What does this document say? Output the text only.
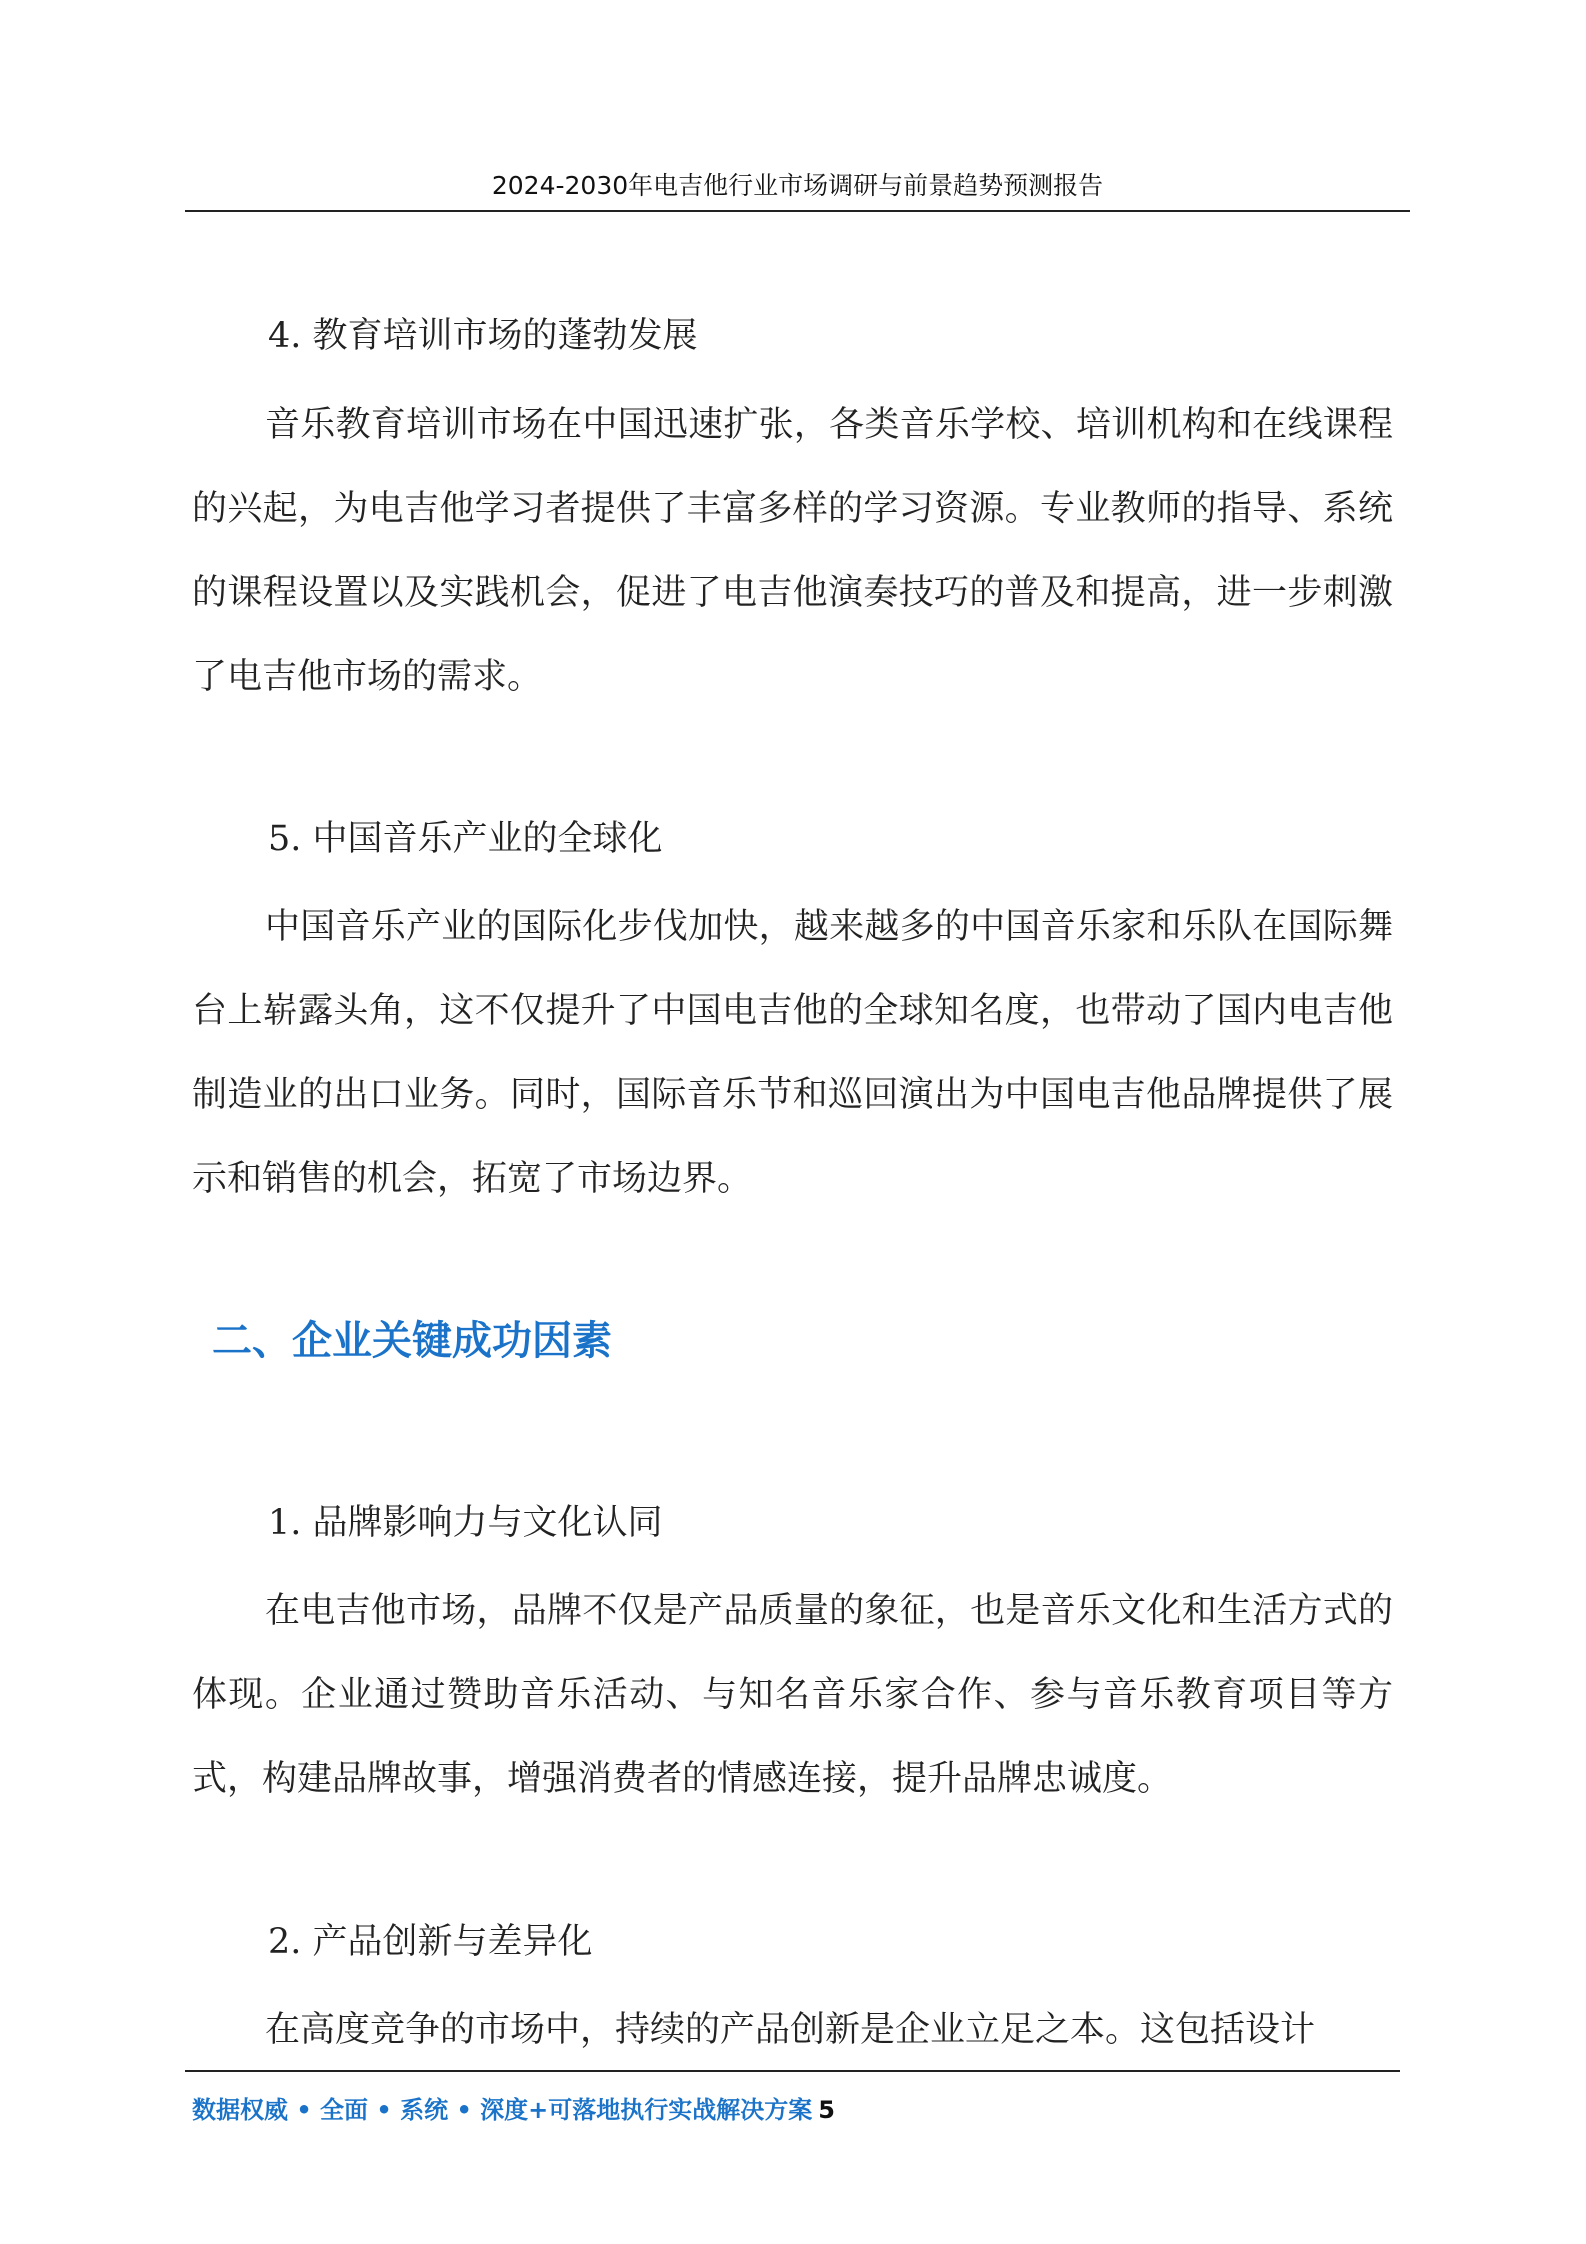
2024-2030年电吉他行业市场调研与前景趋势预测报告
4. 教育培训市场的蓬勃发展

音乐教育培训市场在中国迅速扩张，各类音乐学校、培训机构和在线课程的兴起，为电吉他学习者提供了丰富多样的学习资源。专业教师的指导、系统的课程设置以及实践机会，促进了电吉他演奏技巧的普及和提高，进一步刺激了电吉他市场的需求。

5. 中国音乐产业的全球化

中国音乐产业的国际化步伐加快，越来越多的中国音乐家和乐队在国际舞台上崭露头角，这不仅提升了中国电吉他的全球知名度，也带动了国内电吉他制造业的出口业务。同时，国际音乐节和巡回演出为中国电吉他品牌提供了展示和销售的机会，拓宽了市场边界。

二、企业关键成功因素
1. 品牌影响力与文化认同

在电吉他市场，品牌不仅是产品质量的象征，也是音乐文化和生活方式的体现。企业通过赞助音乐活动、与知名音乐家合作、参与音乐教育项目等方式，构建品牌故事，增强消费者的情感连接，提升品牌忠诚度。

2. 产品创新与差异化

在高度竞争的市场中，持续的产品创新是企业立足之本。这包括设计

数据权威 • 全面 • 系统 • 深度+可落地执行实战解决方案 5
